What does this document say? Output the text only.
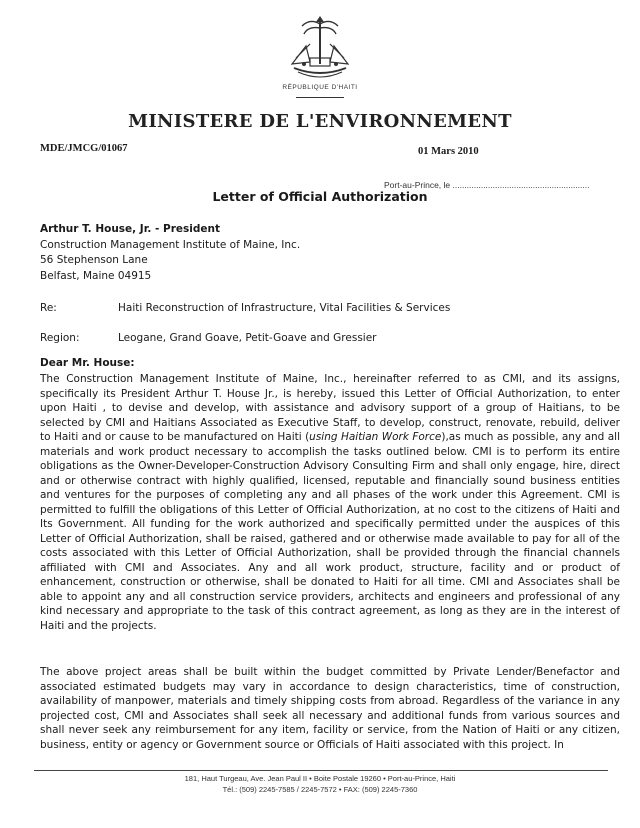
RÉPUBLIQUE D'HAITI
MINISTERE DE L'ENVIRONNEMENT
MDE/JMCG/01067	01 Mars 2010
Port-au-Prince, le ..........................................................
Letter of Official Authorization
Arthur T. House, Jr. - President
Construction Management Institute of Maine, Inc.
56 Stephenson Lane
Belfast, Maine 04915
Re:	Haiti Reconstruction of Infrastructure, Vital Facilities & Services
Region:	Leogane, Grand Goave, Petit-Goave and Gressier
Dear Mr. House:
The Construction Management Institute of Maine, Inc., hereinafter referred to as CMI, and its assigns, specifically its President Arthur T. House Jr., is hereby, issued this Letter of Official Authorization, to enter upon Haiti , to devise and develop, with assistance and advisory support of a group of Haitians, to be selected by CMI and Haitians Associated as Executive Staff, to develop, construct, renovate, rebuild, deliver to Haiti and or cause to be manufactured on Haiti (using Haitian Work Force),as much as possible, any and all materials and work product necessary to accomplish the tasks outlined below. CMI is to perform its entire obligations as the Owner-Developer-Construction Advisory Consulting Firm and shall only engage, hire, direct and or otherwise contract with highly qualified, licensed, reputable and financially sound business entities and ventures for the purposes of completing any and all phases of the work under this Agreement. CMI is permitted to fulfill the obligations of this Letter of Official Authorization, at no cost to the citizens of Haiti and Its Government. All funding for the work authorized and specifically permitted under the auspices of this Letter of Official Authorization, shall be raised, gathered and or otherwise made available to pay for all of the costs associated with this Letter of Official Authorization, shall be provided through the financial channels affiliated with CMI and Associates. Any and all work product, structure, facility and or product of enhancement, construction or otherwise, shall be donated to Haiti for all time. CMI and Associates shall be able to appoint any and all construction service providers, architects and engineers and professional of any kind necessary and appropriate to the task of this contract agreement, as long as they are in the interest of Haiti and the projects.
The above project areas shall be built within the budget committed by Private Lender/Benefactor and associated estimated budgets may vary in accordance to design characteristics, time of construction, availability of manpower, materials and timely shipping costs from abroad. Regardless of the variance in any projected cost, CMI and Associates shall seek all necessary and additional funds from various sources and shall never seek any reimbursement for any item, facility or service, from the Nation of Haiti or any citizen, business, entity or agency or Government source or Officials of Haiti associated with this project. In
181, Haut Turgeau, Ave. Jean Paul II • Boite Postale 19260 • Port-au-Prince, Haiti
Tél.: (509) 2245-7585 / 2245-7572 • FAX: (509) 2245-7360
